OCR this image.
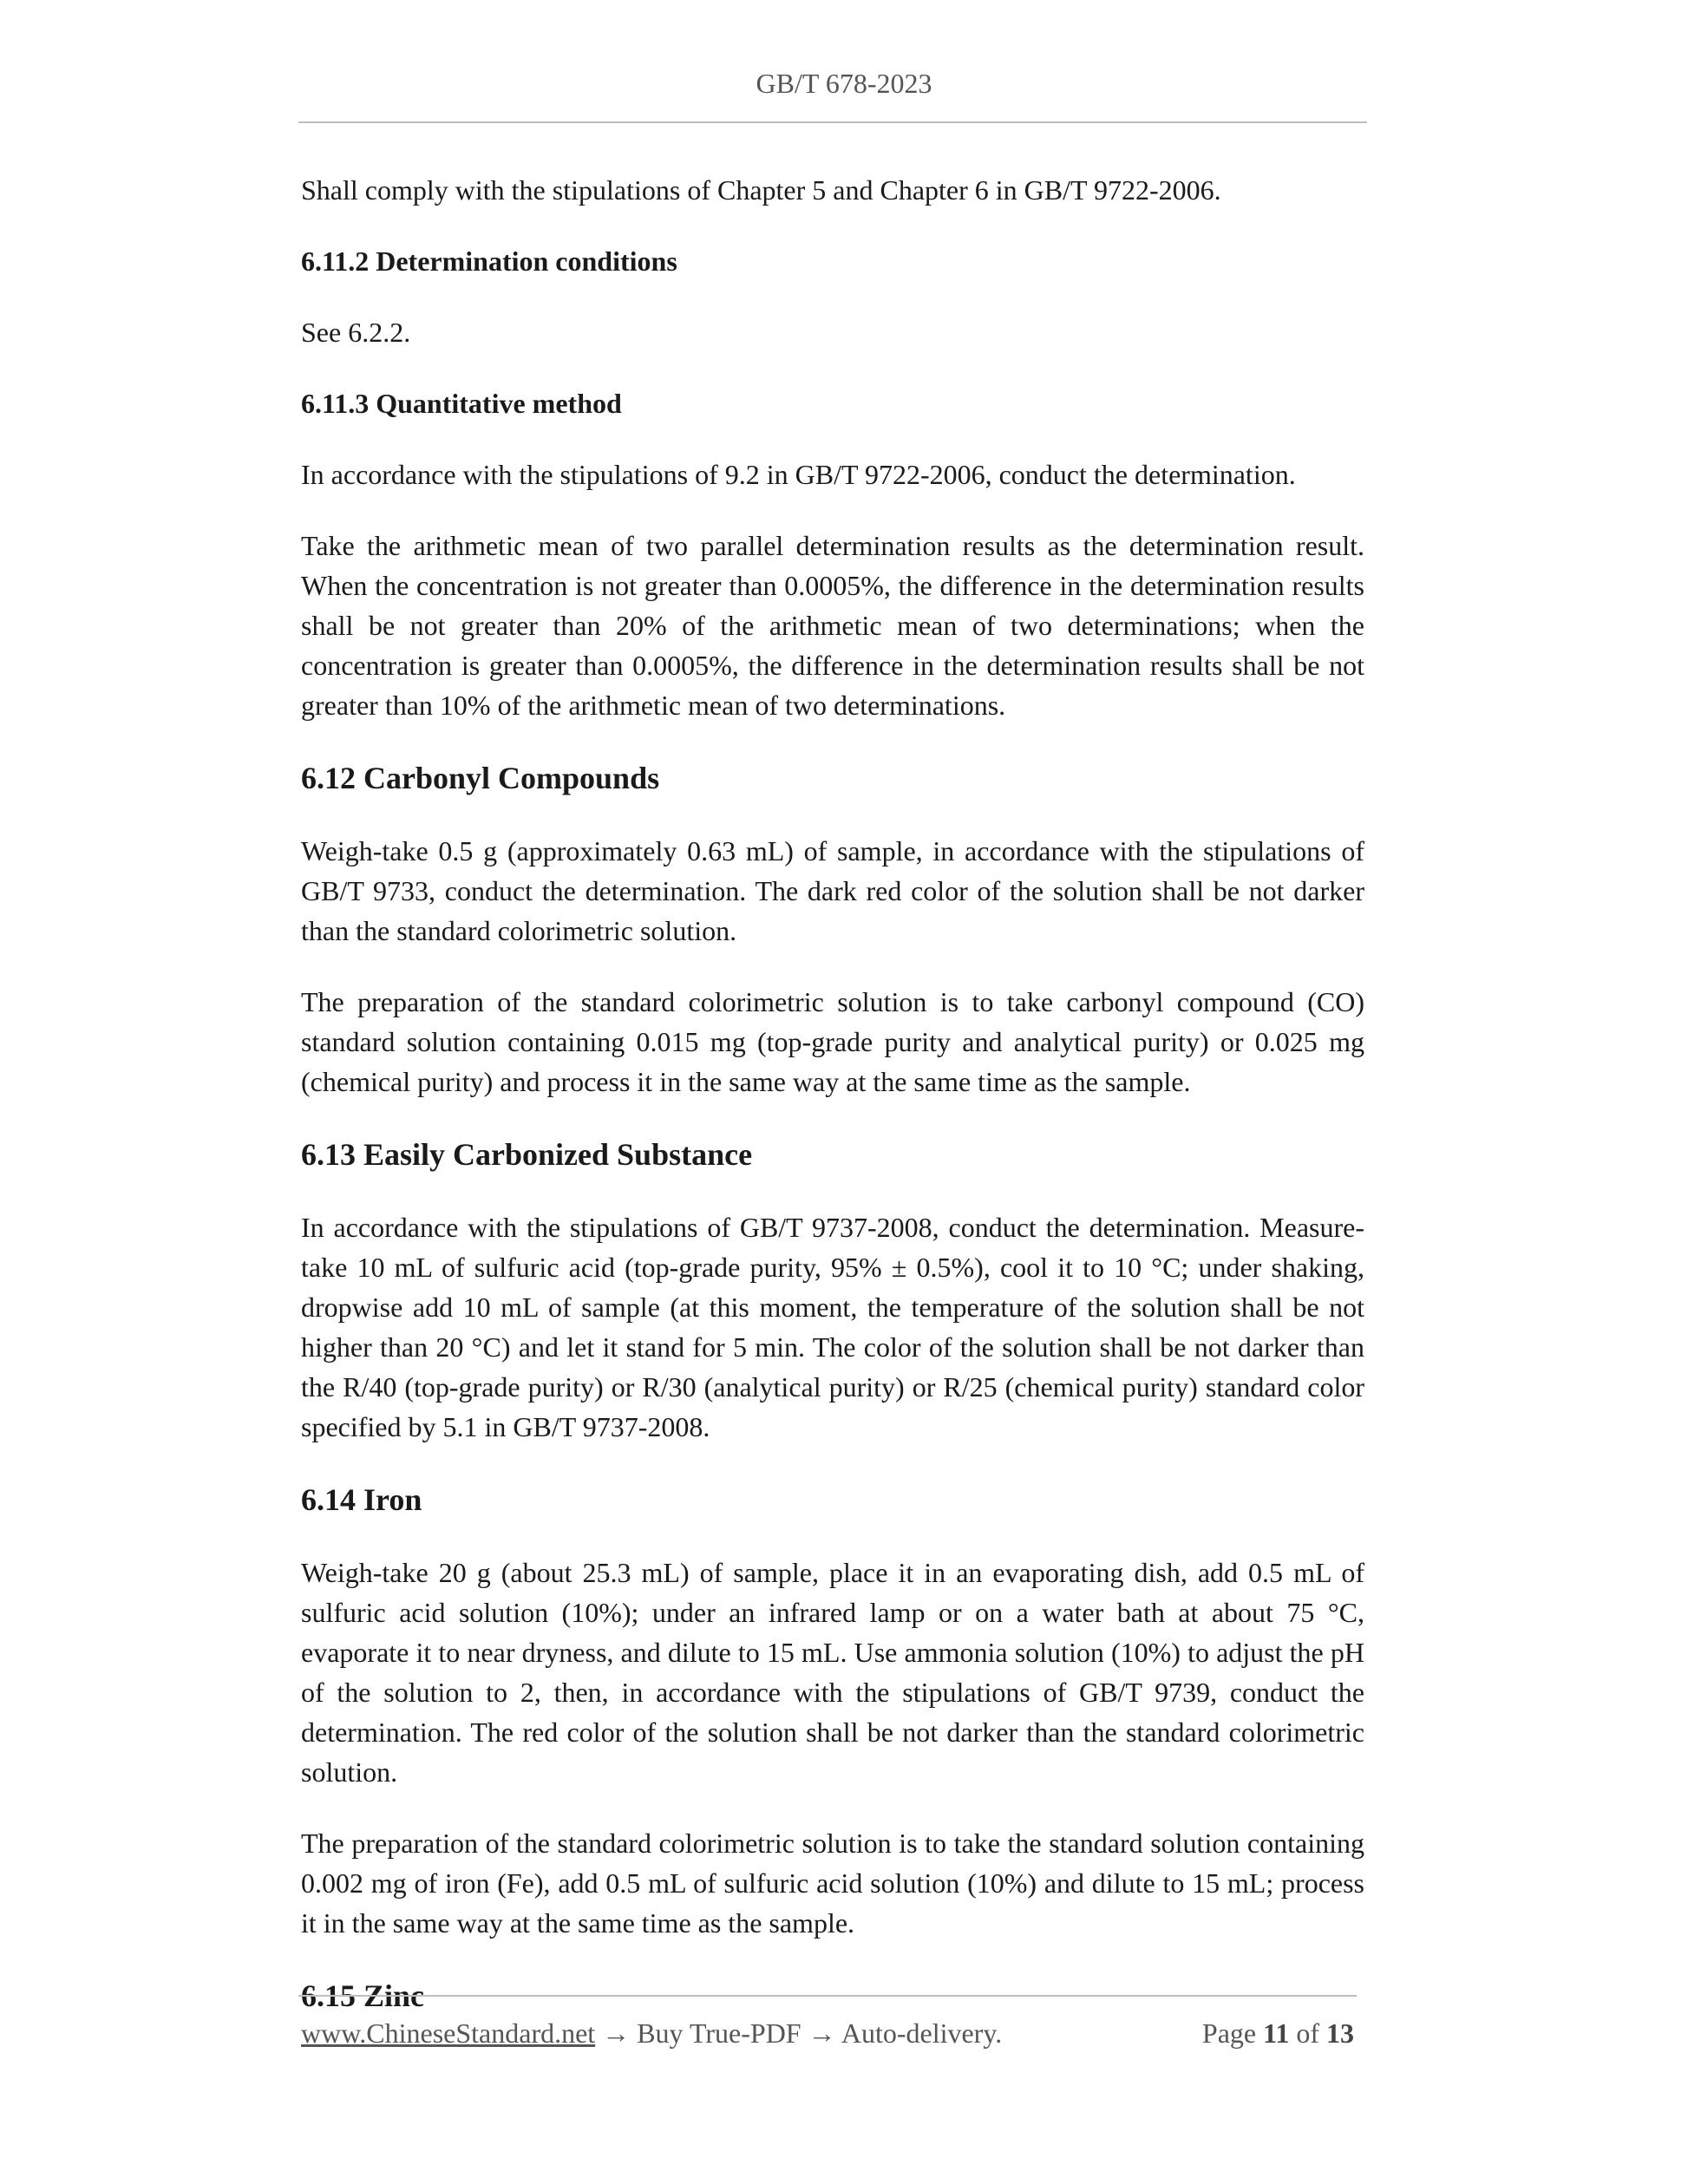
GB/T 678-2023

Shall comply with the stipulations of Chapter 5 and Chapter 6 in GB/T 9722-2006.

6.11.2 Determination conditions

See 6.2.2.

6.11.3 Quantitative method

In accordance with the stipulations of 9.2 in GB/T 9722-2006, conduct the determination.

Take the arithmetic mean of two parallel determination results as the determination result. When the concentration is not greater than 0.0005%, the difference in the determination results shall be not greater than 20% of the arithmetic mean of two determinations; when the concentration is greater than 0.0005%, the difference in the determination results shall be not greater than 10% of the arithmetic mean of two determinations.

6.12 Carbonyl Compounds

Weigh-take 0.5 g (approximately 0.63 mL) of sample, in accordance with the stipulations of GB/T 9733, conduct the determination. The dark red color of the solution shall be not darker than the standard colorimetric solution.

The preparation of the standard colorimetric solution is to take carbonyl compound (CO) standard solution containing 0.015 mg (top-grade purity and analytical purity) or 0.025 mg (chemical purity) and process it in the same way at the same time as the sample.

6.13 Easily Carbonized Substance

In accordance with the stipulations of GB/T 9737-2008, conduct the determination. Measure-take 10 mL of sulfuric acid (top-grade purity, 95% ± 0.5%), cool it to 10 °C; under shaking, dropwise add 10 mL of sample (at this moment, the temperature of the solution shall be not higher than 20 °C) and let it stand for 5 min. The color of the solution shall be not darker than the R/40 (top-grade purity) or R/30 (analytical purity) or R/25 (chemical purity) standard color specified by 5.1 in GB/T 9737-2008.

6.14 Iron

Weigh-take 20 g (about 25.3 mL) of sample, place it in an evaporating dish, add 0.5 mL of sulfuric acid solution (10%); under an infrared lamp or on a water bath at about 75 °C, evaporate it to near dryness, and dilute to 15 mL. Use ammonia solution (10%) to adjust the pH of the solution to 2, then, in accordance with the stipulations of GB/T 9739, conduct the determination. The red color of the solution shall be not darker than the standard colorimetric solution.

The preparation of the standard colorimetric solution is to take the standard solution containing 0.002 mg of iron (Fe), add 0.5 mL of sulfuric acid solution (10%) and dilute to 15 mL; process it in the same way at the same time as the sample.

6.15 Zinc
www.ChineseStandard.net → Buy True-PDF → Auto-delivery.	Page 11 of 13
